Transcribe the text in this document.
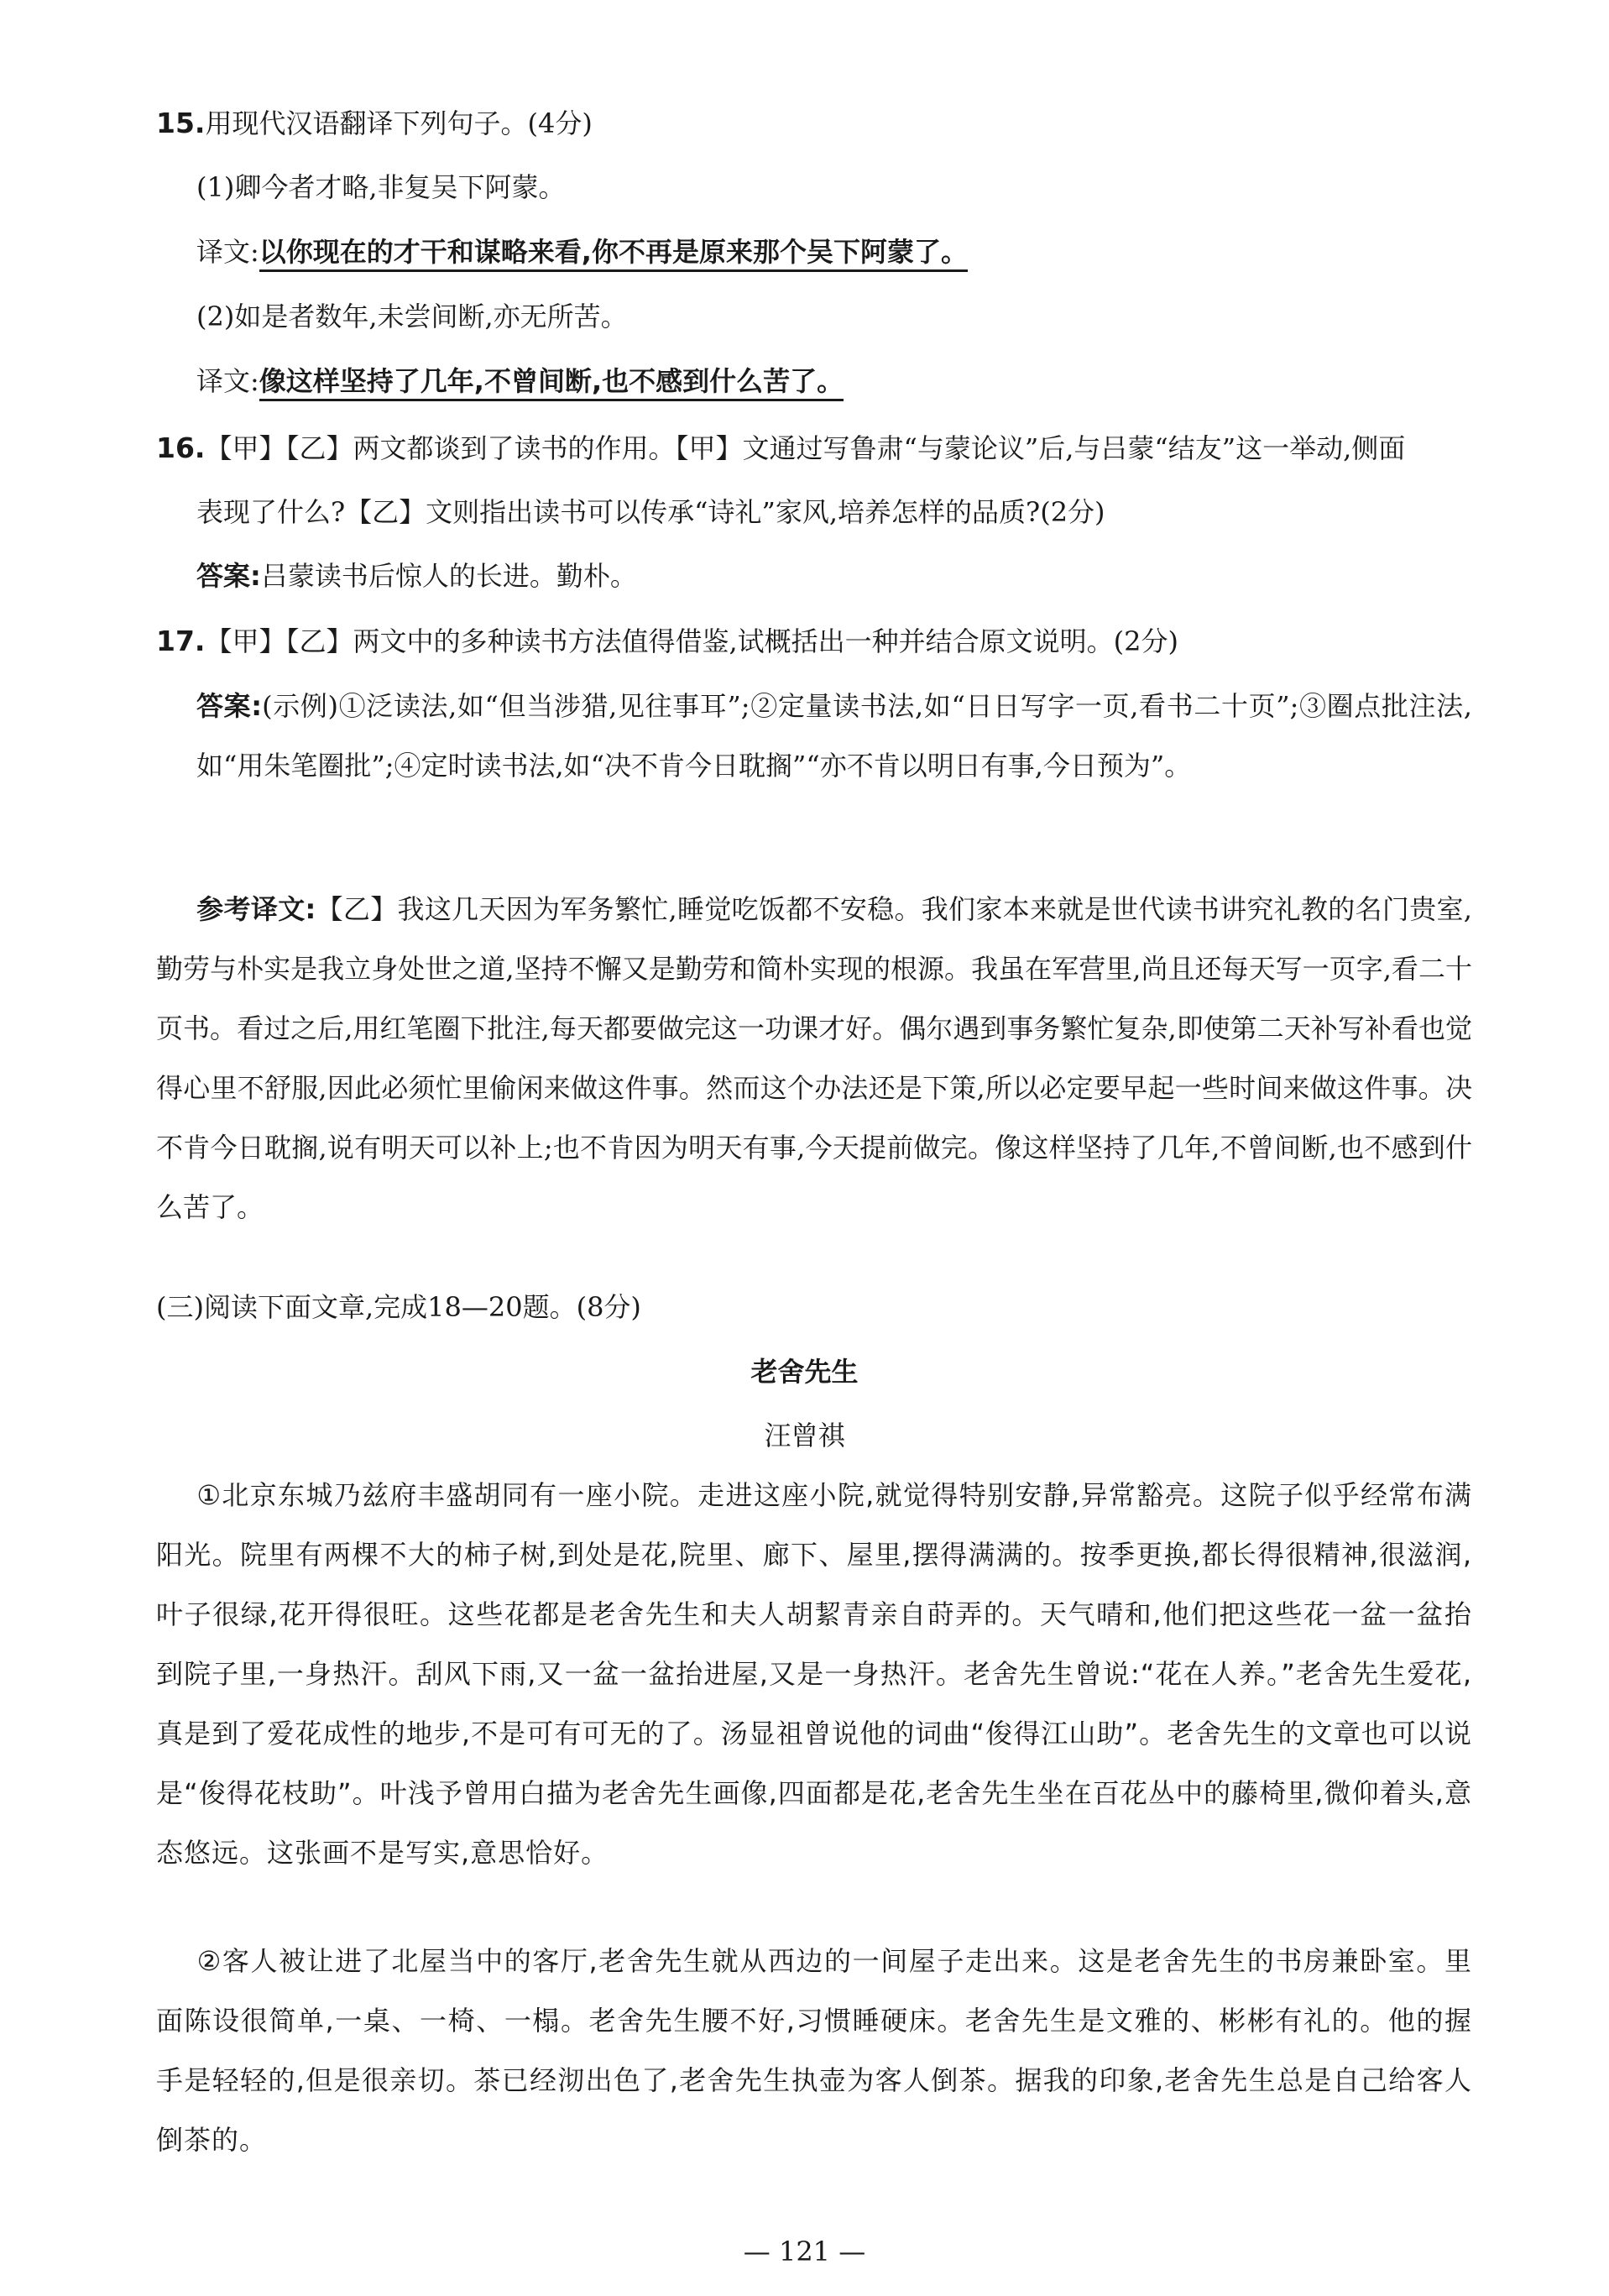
15.用现代汉语翻译下列句子。(4分)
(1)卿今者才略,非复吴下阿蒙。
译文:以你现在的才干和谋略来看,你不再是原来那个吴下阿蒙了。
(2)如是者数年,未尝间断,亦无所苦。
译文:像这样坚持了几年,不曾间断,也不感到什么苦了。
16.【甲】【乙】两文都谈到了读书的作用。【甲】文通过写鲁肃“与蒙论议”后,与吕蒙“结友”这一举动,侧面
表现了什么?【乙】文则指出读书可以传承“诗礼”家风,培养怎样的品质?(2分)
答案:吕蒙读书后惊人的长进。勤朴。
17.【甲】【乙】两文中的多种读书方法值得借鉴,试概括出一种并结合原文说明。(2分)
答案:(示例)①泛读法,如“但当涉猎,见往事耳”;②定量读书法,如“日日写字一页,看书二十页”;③圈点批注法,如“用朱笔圈批”;④定时读书法,如“决不肯今日耽搁”“亦不肯以明日有事,今日预为”。
参考译文:【乙】我这几天因为军务繁忙,睡觉吃饭都不安稳。我们家本来就是世代读书讲究礼教的名门贵室,勤劳与朴实是我立身处世之道,坚持不懈又是勤劳和简朴实现的根源。我虽在军营里,尚且还每天写一页字,看二十页书。看过之后,用红笔圈下批注,每天都要做完这一功课才好。偶尔遇到事务繁忙复杂,即使第二天补写补看也觉得心里不舒服,因此必须忙里偷闲来做这件事。然而这个办法还是下策,所以必定要早起一些时间来做这件事。决不肯今日耽搁,说有明天可以补上;也不肯因为明天有事,今天提前做完。像这样坚持了几年,不曾间断,也不感到什么苦了。
(三)阅读下面文章,完成18—20题。(8分)
老舍先生
汪曾祺
①北京东城乃兹府丰盛胡同有一座小院。走进这座小院,就觉得特别安静,异常豁亮。这院子似乎经常布满阳光。院里有两棵不大的柿子树,到处是花,院里、廊下、屋里,摆得满满的。按季更换,都长得很精神,很滋润,叶子很绿,花开得很旺。这些花都是老舍先生和夫人胡絜青亲自莳弄的。天气晴和,他们把这些花一盆一盆抬到院子里,一身热汗。刮风下雨,又一盆一盆抬进屋,又是一身热汗。老舍先生曾说:“花在人养。”老舍先生爱花,真是到了爱花成性的地步,不是可有可无的了。汤显祖曾说他的词曲“俊得江山助”。老舍先生的文章也可以说是“俊得花枝助”。叶浅予曾用白描为老舍先生画像,四面都是花,老舍先生坐在百花丛中的藤椅里,微仰着头,意态悠远。这张画不是写实,意思恰好。
②客人被让进了北屋当中的客厅,老舍先生就从西边的一间屋子走出来。这是老舍先生的书房兼卧室。里面陈设很简单,一桌、一椅、一榻。老舍先生腰不好,习惯睡硬床。老舍先生是文雅的、彬彬有礼的。他的握手是轻轻的,但是很亲切。茶已经沏出色了,老舍先生执壶为客人倒茶。据我的印象,老舍先生总是自己给客人倒茶的。
— 121 —
